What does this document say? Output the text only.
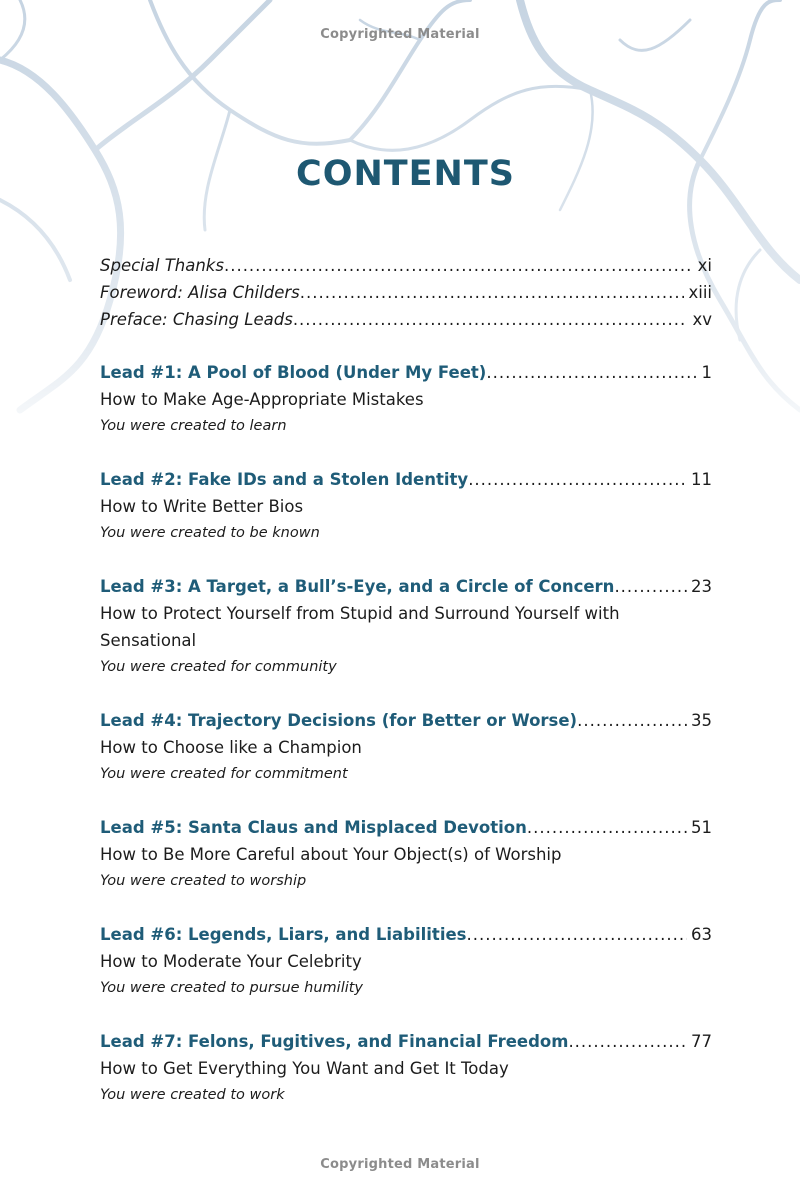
Copyrighted Material
CONTENTS
Special Thanks .....	xi
Foreword: Alisa Childers .....	xiii
Preface: Chasing Leads .....	xv
Lead #1: A Pool of Blood (Under My Feet) .....	1
How to Make Age-Appropriate Mistakes
You were created to learn
Lead #2: Fake IDs and a Stolen Identity .....	11
How to Write Better Bios
You were created to be known
Lead #3: A Target, a Bull’s-Eye, and a Circle of Concern .....	23
How to Protect Yourself from Stupid and Surround Yourself with Sensational
You were created for community
Lead #4: Trajectory Decisions (for Better or Worse) .....	35
How to Choose like a Champion
You were created for commitment
Lead #5: Santa Claus and Misplaced Devotion .....	51
How to Be More Careful about Your Object(s) of Worship
You were created to worship
Lead #6: Legends, Liars, and Liabilities .....	63
How to Moderate Your Celebrity
You were created to pursue humility
Lead #7: Felons, Fugitives, and Financial Freedom .....	77
How to Get Everything You Want and Get It Today
You were created to work
Copyrighted Material
